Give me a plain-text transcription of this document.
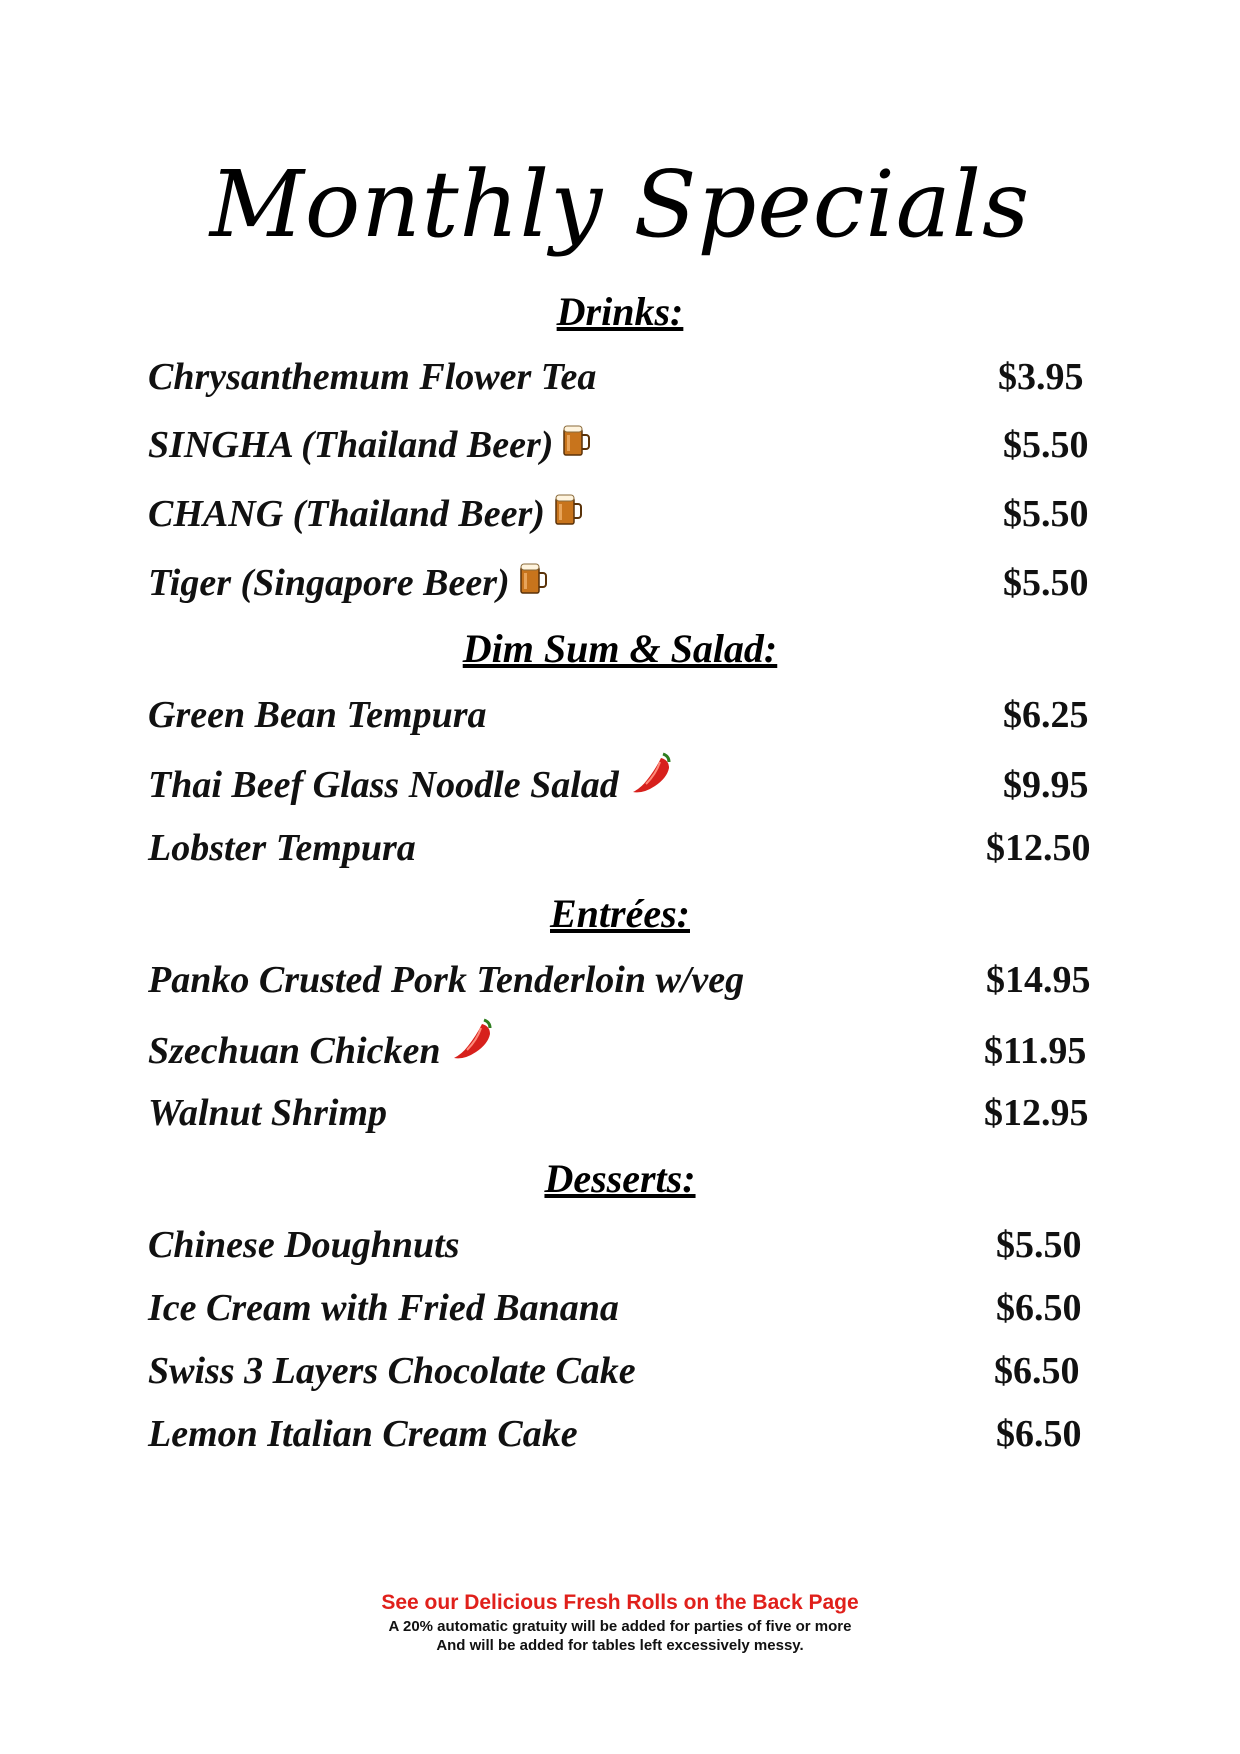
Monthly Specials
Drinks:
Chrysanthemum Flower Tea	$3.95
SINGHA (Thailand Beer)	$5.50
CHANG (Thailand Beer)	$5.50
Tiger (Singapore Beer)	$5.50
Dim Sum & Salad:
Green Bean Tempura	$6.25
Thai Beef Glass Noodle Salad	$9.95
Lobster Tempura	$12.50
Entrées:
Panko Crusted Pork Tenderloin w/veg	$14.95
Szechuan Chicken	$11.95
Walnut Shrimp	$12.95
Desserts:
Chinese Doughnuts	$5.50
Ice Cream with Fried Banana	$6.50
Swiss 3 Layers Chocolate Cake	$6.50
Lemon Italian Cream Cake	$6.50
See our Delicious Fresh Rolls on the Back Page
A 20% automatic gratuity will be added for parties of five or more
And will be added for tables left excessively messy.
